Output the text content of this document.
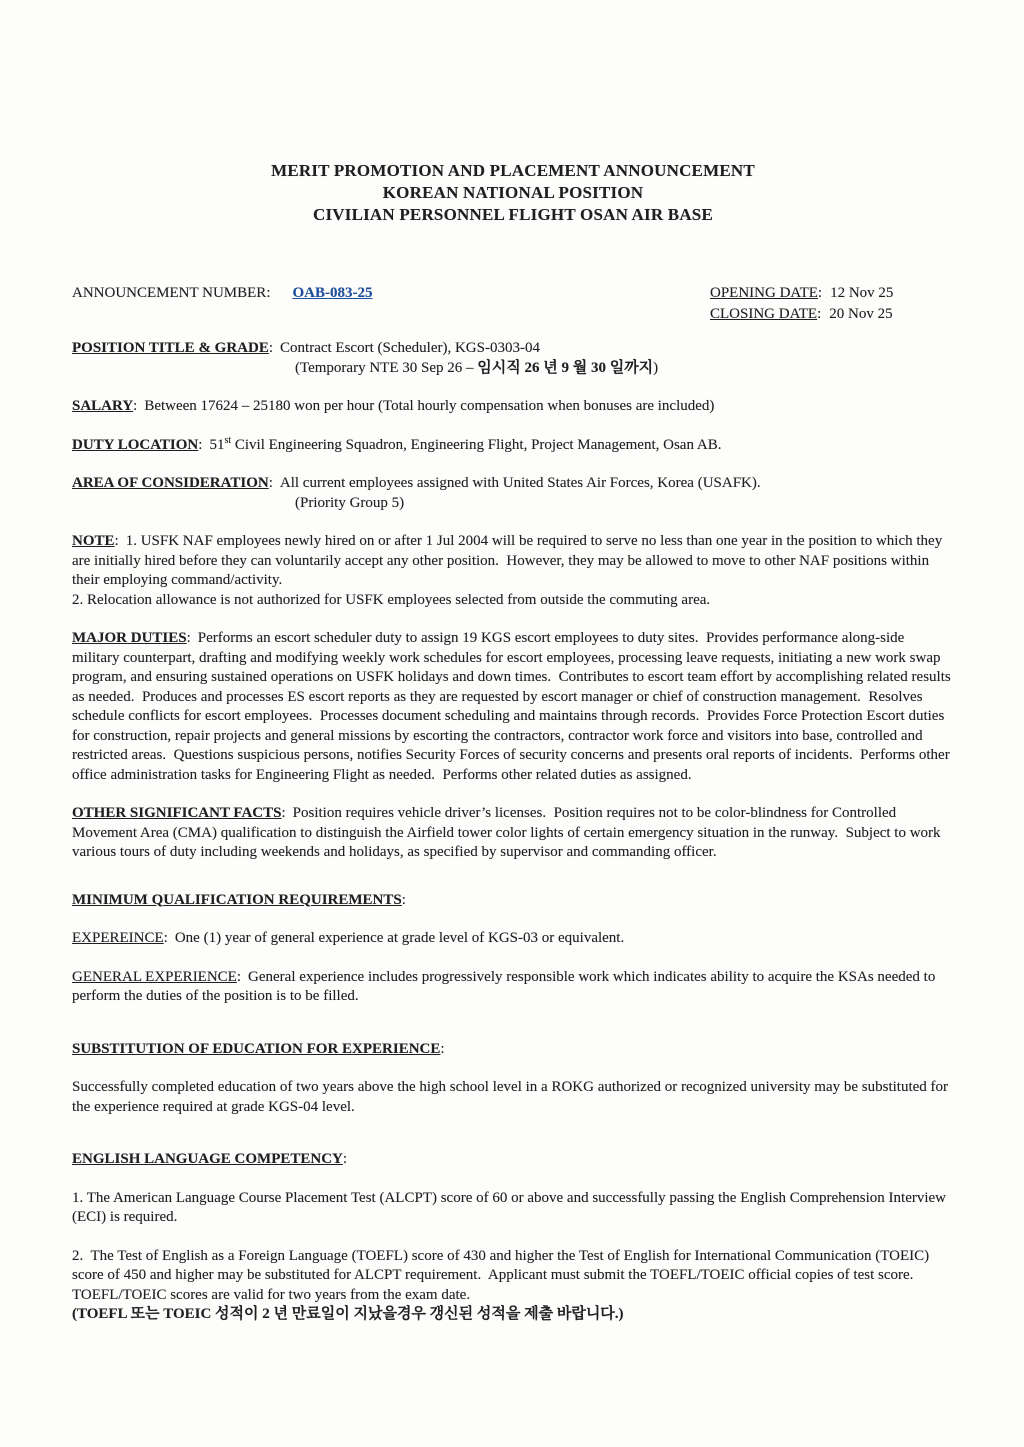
MERIT PROMOTION AND PLACEMENT ANNOUNCEMENT
KOREAN NATIONAL POSITION
CIVILIAN PERSONNEL FLIGHT OSAN AIR BASE
ANNOUNCEMENT NUMBER: OAB-083-25	OPENING DATE: 12 Nov 25
CLOSING DATE: 20 Nov 25

POSITION TITLE & GRADE: Contract Escort (Scheduler), KGS-0303-04
(Temporary NTE 30 Sep 26 – 임시직 26 년 9 월 30 일까지)

SALARY: Between 17624 – 25180 won per hour (Total hourly compensation when bonuses are included)

DUTY LOCATION: 51st Civil Engineering Squadron, Engineering Flight, Project Management, Osan AB.

AREA OF CONSIDERATION: All current employees assigned with United States Air Forces, Korea (USAFK).
(Priority Group 5)

NOTE: 1. USFK NAF employees newly hired on or after 1 Jul 2004 will be required to serve no less than one year in the position to which they are initially hired before they can voluntarily accept any other position.  However, they may be allowed to move to other NAF positions within their employing command/activity.
2. Relocation allowance is not authorized for USFK employees selected from outside the commuting area.

MAJOR DUTIES: Performs an escort scheduler duty to assign 19 KGS escort employees to duty sites.  Provides performance along-side military counterpart, drafting and modifying weekly work schedules for escort employees, processing leave requests, initiating a new work swap program, and ensuring sustained operations on USFK holidays and down times.  Contributes to escort team effort by accomplishing related results as needed.  Produces and processes ES escort reports as they are requested by escort manager or chief of construction management.  Resolves schedule conflicts for escort employees.  Processes document scheduling and maintains through records.  Provides Force Protection Escort duties for construction, repair projects and general missions by escorting the contractors, contractor work force and visitors into base, controlled and restricted areas.  Questions suspicious persons, notifies Security Forces of security concerns and presents oral reports of incidents.  Performs other office administration tasks for Engineering Flight as needed.  Performs other related duties as assigned.

OTHER SIGNIFICANT FACTS: Position requires vehicle driver’s licenses.  Position requires not to be color-blindness for Controlled Movement Area (CMA) qualification to distinguish the Airfield tower color lights of certain emergency situation in the runway.  Subject to work various tours of duty including weekends and holidays, as specified by supervisor and commanding officer.

MINIMUM QUALIFICATION REQUIREMENTS:

EXPEREINCE: One (1) year of general experience at grade level of KGS-03 or equivalent.

GENERAL EXPERIENCE: General experience includes progressively responsible work which indicates ability to acquire the KSAs needed to perform the duties of the position is to be filled.

SUBSTITUTION OF EDUCATION FOR EXPERIENCE:

Successfully completed education of two years above the high school level in a ROKG authorized or recognized university may be substituted for the experience required at grade KGS-04 level.

ENGLISH LANGUAGE COMPETENCY:

1. The American Language Course Placement Test (ALCPT) score of 60 or above and successfully passing the English Comprehension Interview (ECI) is required.

2.  The Test of English as a Foreign Language (TOEFL) score of 430 and higher the Test of English for International Communication (TOEIC) score of 450 and higher may be substituted for ALCPT requirement.  Applicant must submit the TOEFL/TOEIC official copies of test score.  TOEFL/TOEIC scores are valid for two years from the exam date.
(TOEFL 또는 TOEIC 성적이 2 년 만료일이 지났을경우 갱신된 성적을 제출 바랍니다.)
